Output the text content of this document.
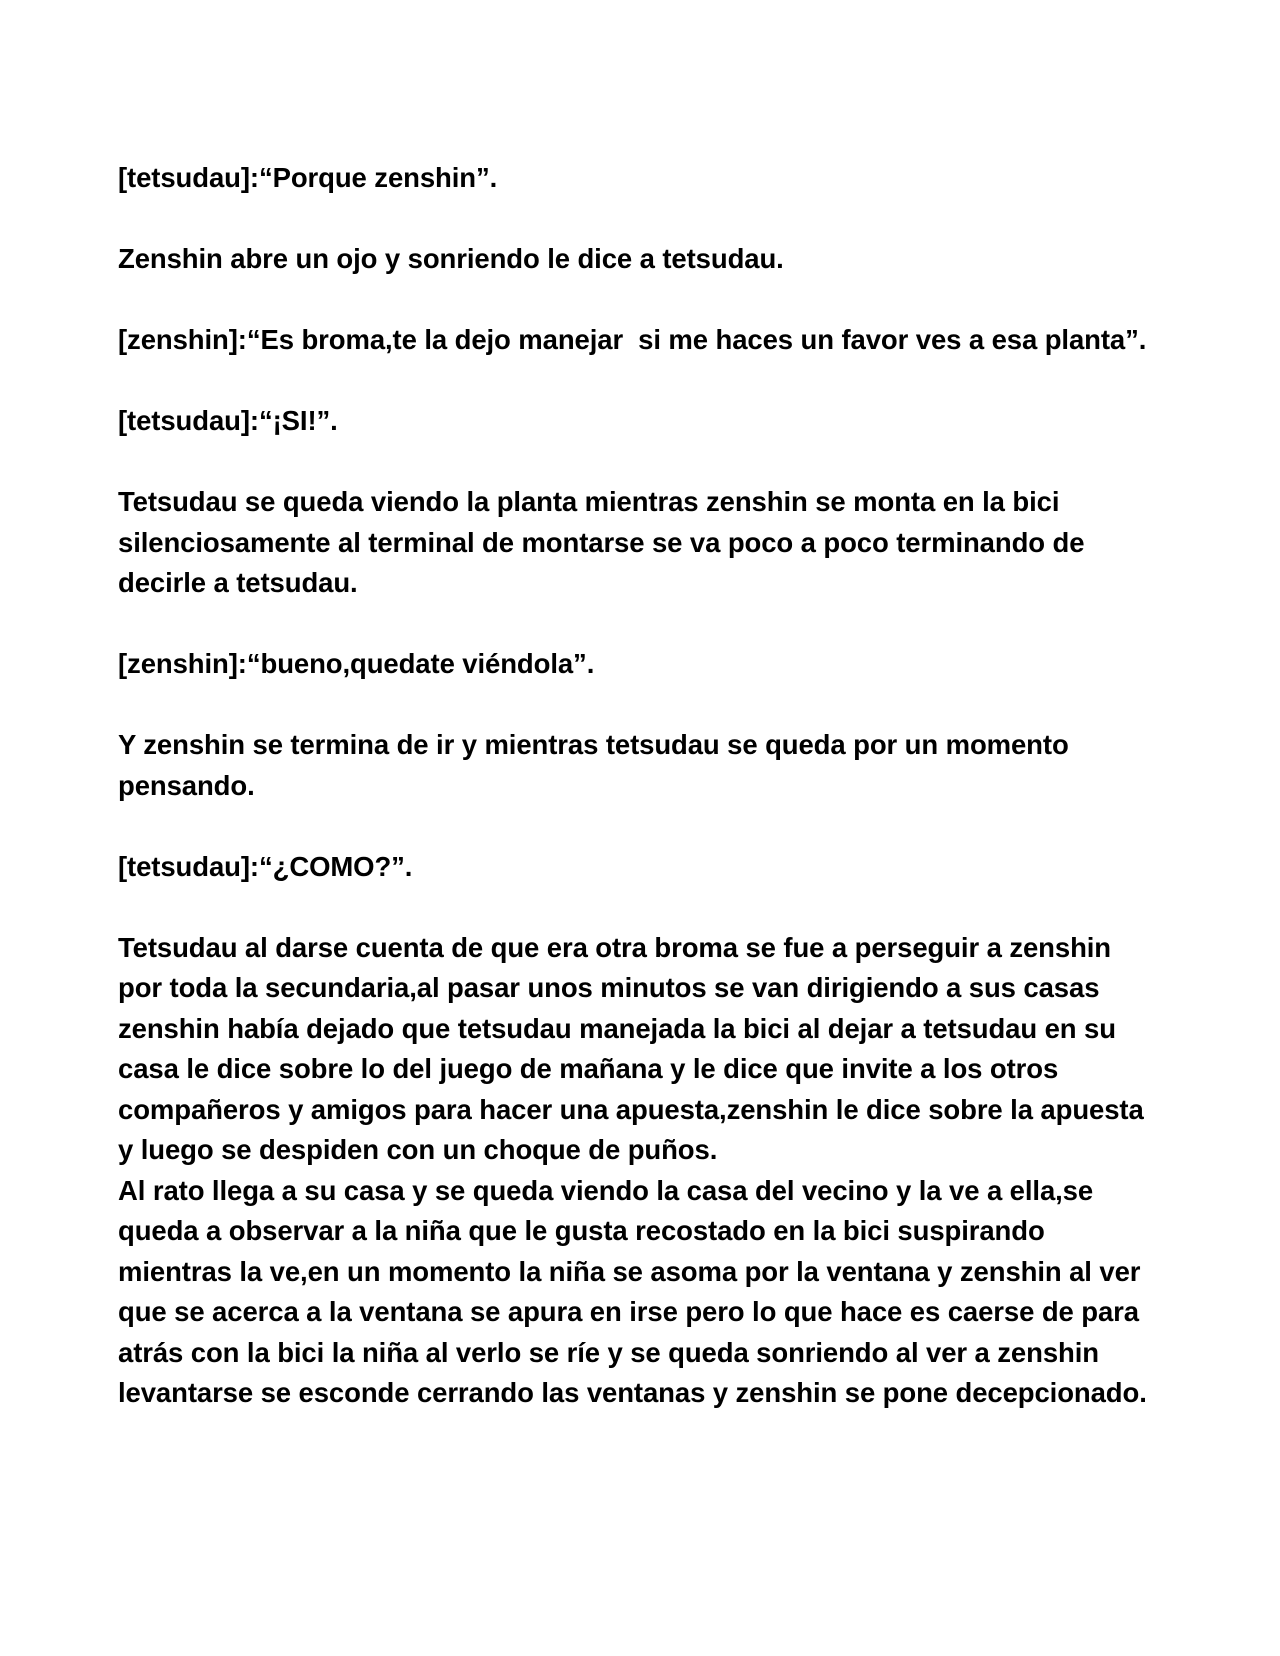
[tetsudau]:“Porque zenshin”.

Zenshin abre un ojo y sonriendo le dice a tetsudau.

[zenshin]:“Es broma,te la dejo manejar  si me haces un favor ves a esa planta”.

[tetsudau]:“¡SI!”.

Tetsudau se queda viendo la planta mientras zenshin se monta en la bici silenciosamente al terminal de montarse se va poco a poco terminando de decirle a tetsudau.

[zenshin]:“bueno,quedate viéndola”.

Y zenshin se termina de ir y mientras tetsudau se queda por un momento pensando.

[tetsudau]:“¿COMO?”.

Tetsudau al darse cuenta de que era otra broma se fue a perseguir a zenshin por toda la secundaria,al pasar unos minutos se van dirigiendo a sus casas zenshin había dejado que tetsudau manejada la bici al dejar a tetsudau en su casa le dice sobre lo del juego de mañana y le dice que invite a los otros compañeros y amigos para hacer una apuesta,zenshin le dice sobre la apuesta y luego se despiden con un choque de puños.

Al rato llega a su casa y se queda viendo la casa del vecino y la ve a ella,se queda a observar a la niña que le gusta recostado en la bici suspirando mientras la ve,en un momento la niña se asoma por la ventana y zenshin al ver que se acerca a la ventana se apura en irse pero lo que hace es caerse de para atrás con la bici la niña al verlo se ríe y se queda sonriendo al ver a zenshin levantarse se esconde cerrando las ventanas y zenshin se pone decepcionado.
